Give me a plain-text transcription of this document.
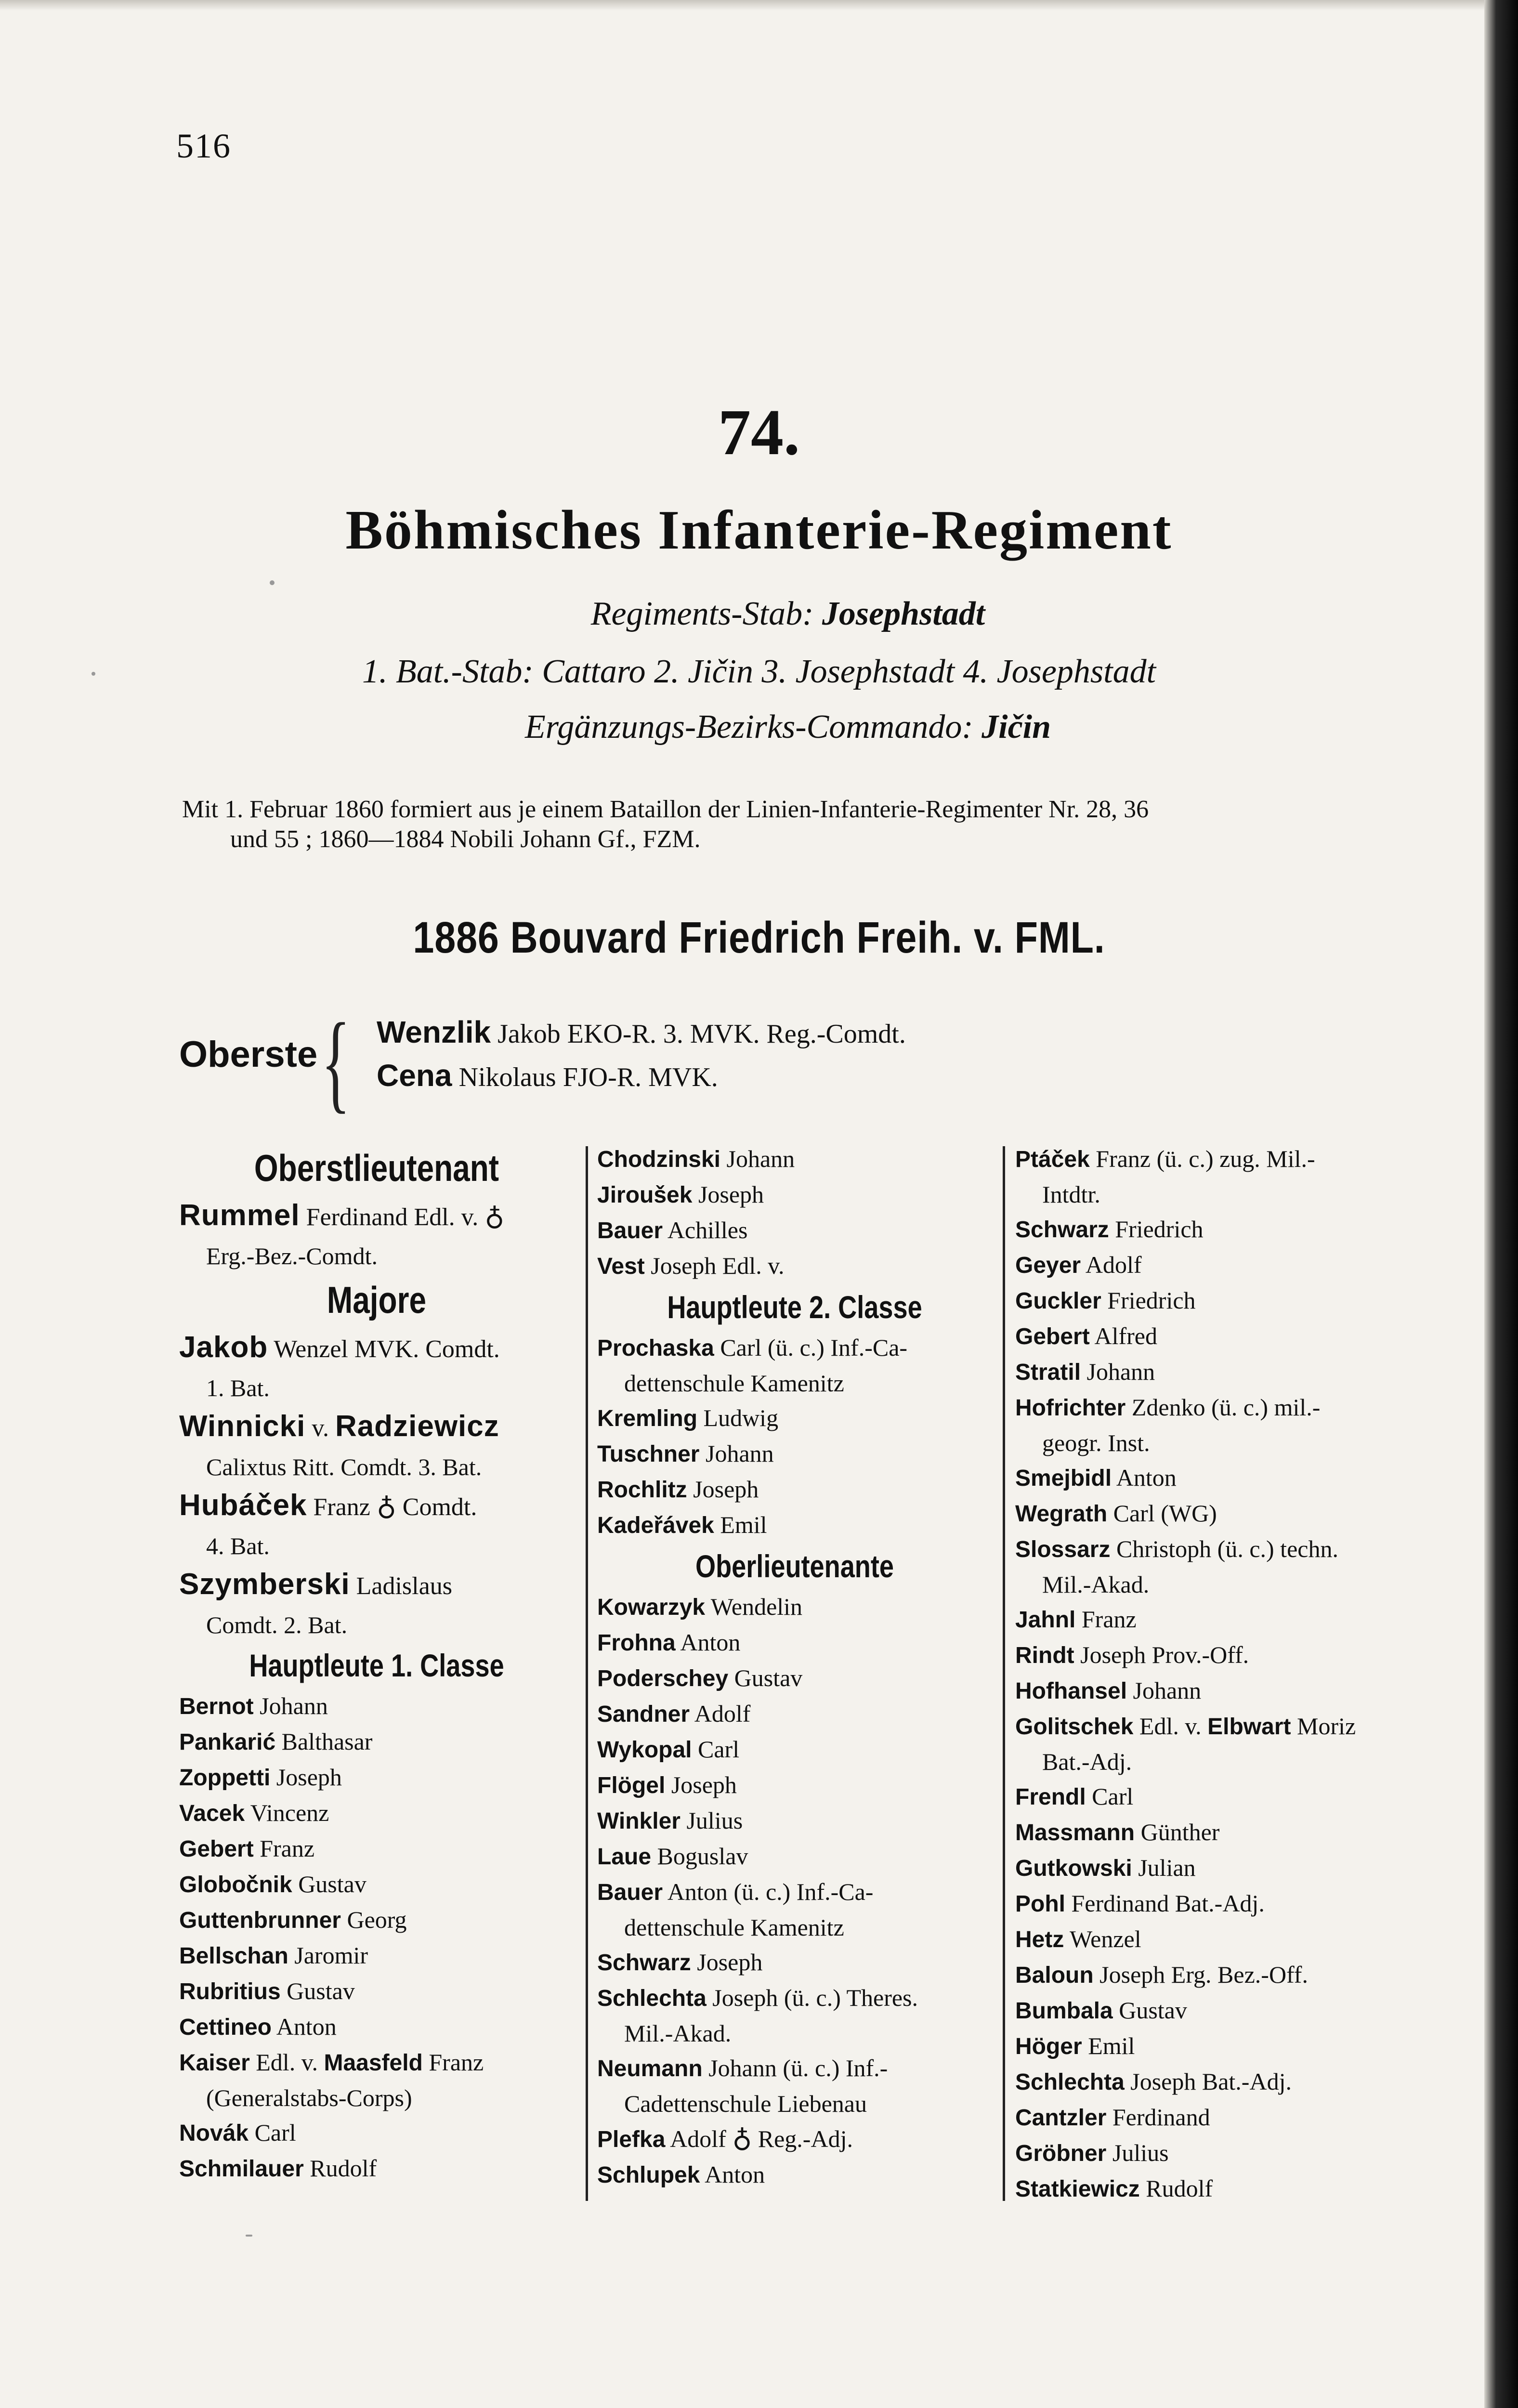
516
74.
Böhmisches Infanterie-Regiment
Regiments-Stab: Josephstadt
1. Bat.-Stab: Cattaro 2. Jičin 3. Josephstadt 4. Josephstadt
Ergänzungs-Bezirks-Commando: Jičin
Mit 1. Februar 1860 formiert aus je einem Bataillon der Linien-Infanterie-Regimenter Nr. 28, 36
und 55 ; 1860—1884 Nobili Johann Gf., FZM.
1886 Bouvard Friedrich Freih. v. FML.
Oberste { Wenzlik Jakob EKO-R. 3. MVK. Reg.-Comdt.
Cena Nikolaus FJO-R. MVK.
Oberstlieutenant
Rummel Ferdinand Edl. v. ♁
Erg.-Bez.-Comdt.
Majore
Jakob Wenzel MVK. Comdt.
1. Bat.
Winnicki v. Radziewicz
Calixtus Ritt. Comdt. 3. Bat.
Hubáček Franz ♁ Comdt.
4. Bat.
Szymberski Ladislaus
Comdt. 2. Bat.
Hauptleute 1. Classe
Bernot Johann
Pankarić Balthasar
Zoppetti Joseph
Vacek Vincenz
Gebert Franz
Globočnik Gustav
Guttenbrunner Georg
Bellschan Jaromir
Rubritius Gustav
Cettineo Anton
Kaiser Edl. v. Maasfeld Franz
(Generalstabs-Corps)
Novák Carl
Schmilauer Rudolf
Chodzinski Johann
Jiroušek Joseph
Bauer Achilles
Vest Joseph Edl. v.
Hauptleute 2. Classe
Prochaska Carl (ü. c.) Inf.-Ca-
dettenschule Kamenitz
Kremling Ludwig
Tuschner Johann
Rochlitz Joseph
Kadeřávek Emil
Oberlieutenante
Kowarzyk Wendelin
Frohna Anton
Poderschey Gustav
Sandner Adolf
Wykopal Carl
Flögel Joseph
Winkler Julius
Laue Boguslav
Bauer Anton (ü. c.) Inf.-Ca-
dettenschule Kamenitz
Schwarz Joseph
Schlechta Joseph (ü. c.) Theres.
Mil.-Akad.
Neumann Johann (ü. c.) Inf.-
Cadettenschule Liebenau
Plefka Adolf ♁ Reg.-Adj.
Schlupek Anton
Ptáček Franz (ü. c.) zug. Mil.-
Intdtr.
Schwarz Friedrich
Geyer Adolf
Guckler Friedrich
Gebert Alfred
Stratil Johann
Hofrichter Zdenko (ü. c.) mil.-
geogr. Inst.
Smejbidl Anton
Wegrath Carl (WG)
Slossarz Christoph (ü. c.) techn.
Mil.-Akad.
Jahnl Franz
Rindt Joseph Prov.-Off.
Hofhansel Johann
Golitschek Edl. v. Elbwart Moriz
Bat.-Adj.
Frendl Carl
Massmann Günther
Gutkowski Julian
Pohl Ferdinand Bat.-Adj.
Hetz Wenzel
Baloun Joseph Erg. Bez.-Off.
Bumbala Gustav
Höger Emil
Schlechta Joseph Bat.-Adj.
Cantzler Ferdinand
Gröbner Julius
Statkiewicz Rudolf
